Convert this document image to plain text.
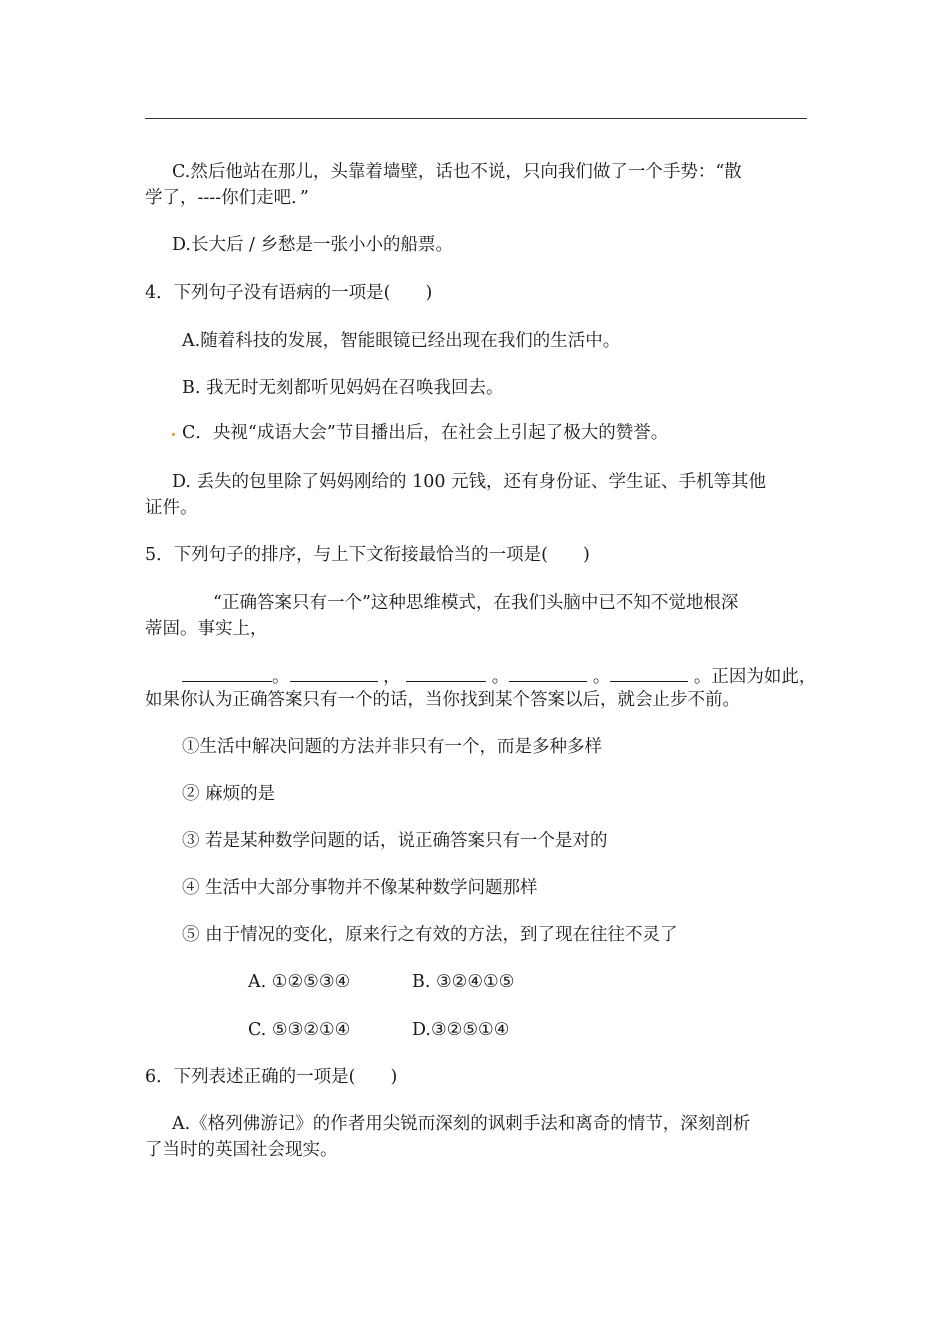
C.然后他站在那儿，头靠着墙壁，话也不说，只向我们做了一个手势：“散
学了，----你们走吧．”
D.长大后 / 乡愁是一张小小的船票。
4．下列句子没有语病的一项是(　　)
A.随着科技的发展，智能眼镜已经出现在我们的生活中。
B. 我无时无刻都听见妈妈在召唤我回去。
C．央视“成语大会”节目播出后，在社会上引起了极大的赞誉。
D. 丢失的包里除了妈妈刚给的 100 元钱，还有身份证、学生证、手机等其他
证件。
5．下列句子的排序，与上下文衔接最恰当的一项是(　　)
“正确答案只有一个”这种思维模式，在我们头脑中已不知不觉地根深
蒂固。事实上，
。	，	。	。	。正因为如此，
如果你认为正确答案只有一个的话，当你找到某个答案以后，就会止步不前。
①生活中解决问题的方法并非只有一个，而是多种多样
② 麻烦的是
③ 若是某种数学问题的话，说正确答案只有一个是对的
④ 生活中大部分事物并不像某种数学问题那样
⑤ 由于情况的变化，原来行之有效的方法，到了现在往往不灵了
A. ①②⑤③④	B. ③②④①⑤
C. ⑤③②①④	D.③②⑤①④
6．下列表述正确的一项是(　　)
A.《格列佛游记》的作者用尖锐而深刻的讽刺手法和离奇的情节，深刻剖析
了当时的英国社会现实。
